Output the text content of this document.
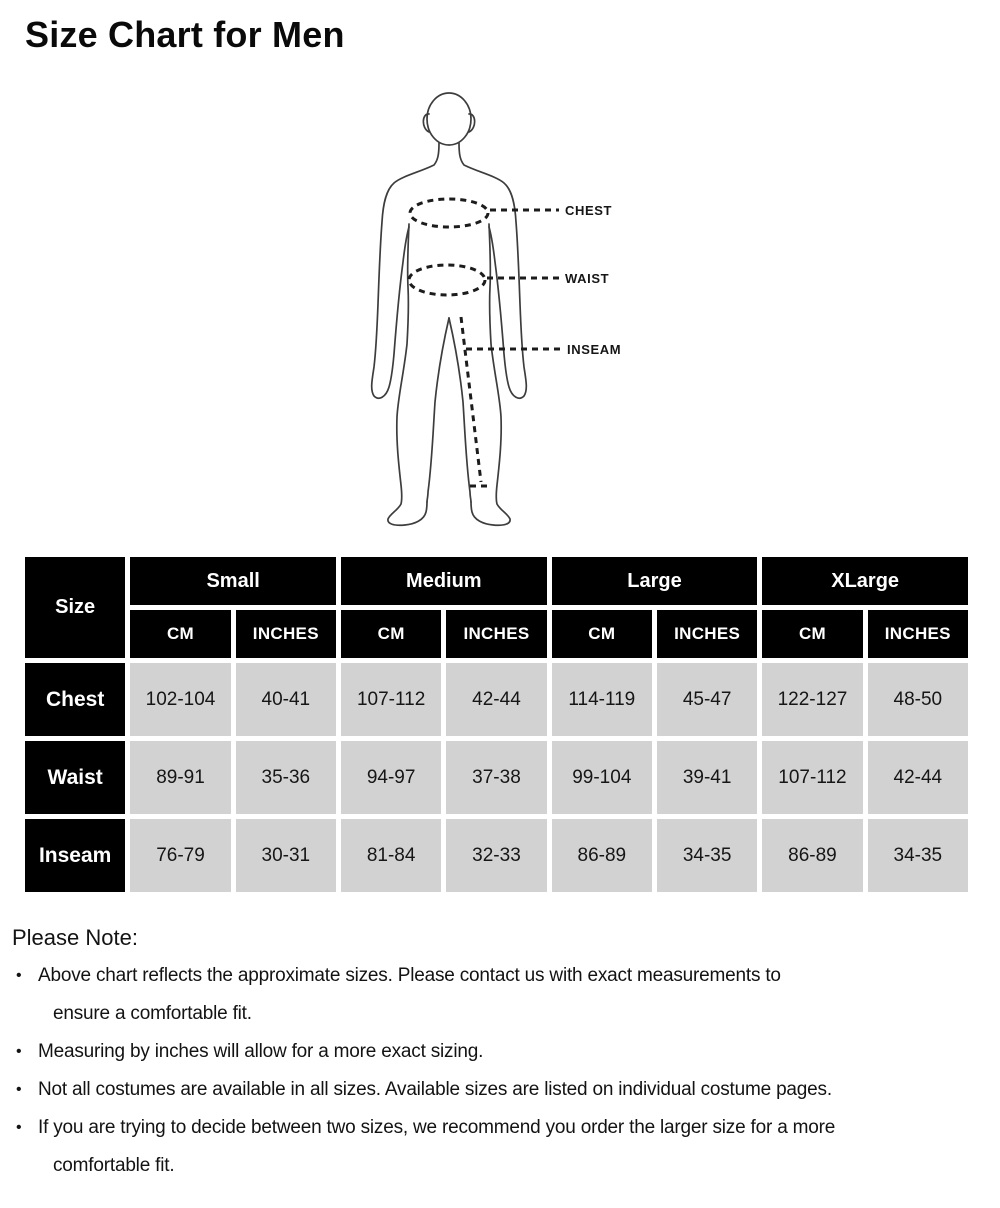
Size Chart for Men
CHEST
WAIST
INSEAM
Size	Small		Medium		Large		XLarge	
	CM	INCHES	CM	INCHES	CM	INCHES	CM	INCHES
Chest	102-104	40-41	107-112	42-44	114-119	45-47	122-127	48-50
Waist	89-91	35-36	94-97	37-38	99-104	39-41	107-112	42-44
Inseam	76-79	30-31	81-84	32-33	86-89	34-35	86-89	34-35
Please Note:
• Above chart reflects the approximate sizes. Please contact us with exact measurements to
ensure a comfortable fit.
• Measuring by inches will allow for a more exact sizing.
• Not all costumes are available in all sizes. Available sizes are listed on individual costume pages.
• If you are trying to decide between two sizes, we recommend you order the larger size for a more
comfortable fit.
